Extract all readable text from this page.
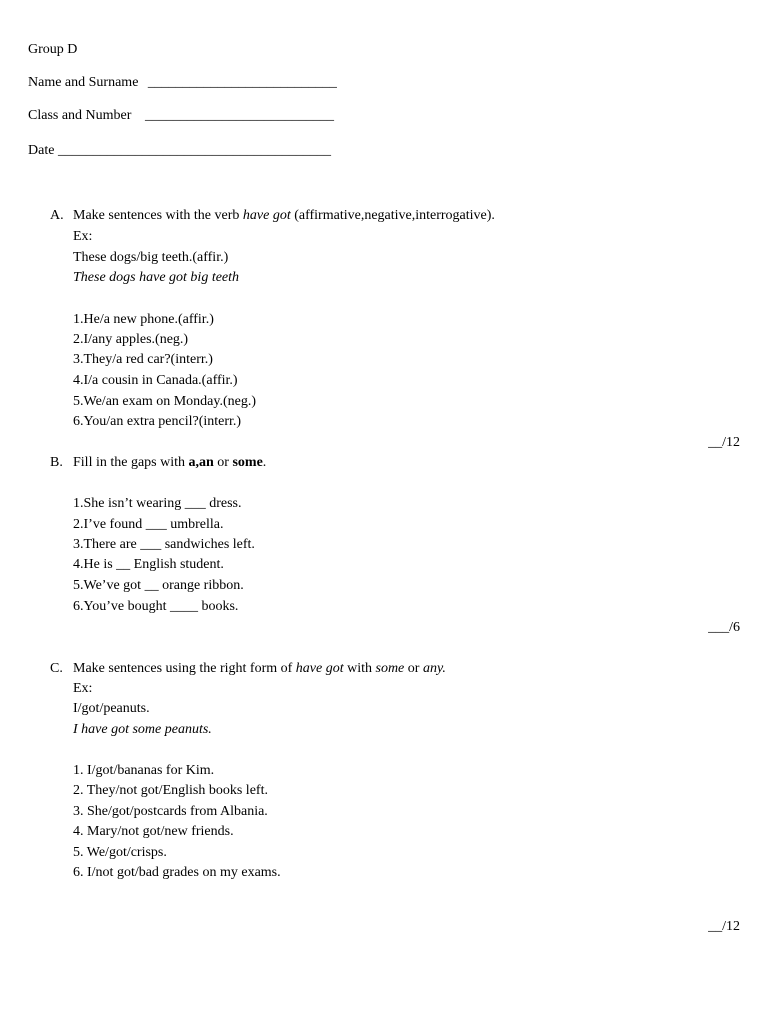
Group D
Name and Surname ___________________________
Class and Number ___________________________
Date _______________________________________
A. Make sentences with the verb have got (affirmative,negative,interrogative).
Ex:
These dogs/big teeth.(affir.)
These dogs have got big teeth
1.He/a new phone.(affir.)
2.I/any apples.(neg.)
3.They/a red car?(interr.)
4.I/a cousin in Canada.(affir.)
5.We/an exam on Monday.(neg.)
6.You/an extra pencil?(interr.)
__/12
B. Fill in the gaps with a,an or some.
1.She isn’t wearing ___ dress.
2.I’ve found ___ umbrella.
3.There are ___ sandwiches left.
4.He is __ English student.
5.We’ve got __ orange ribbon.
6.You’ve bought ____ books.
___/6
C. Make sentences using the right form of have got with some or any.
Ex:
I/got/peanuts.
I have got some peanuts.
1. I/got/bananas for Kim.
2. They/not got/English books left.
3. She/got/postcards from Albania.
4. Mary/not got/new friends.
5. We/got/crisps.
6. I/not got/bad grades on my exams.
__/12
